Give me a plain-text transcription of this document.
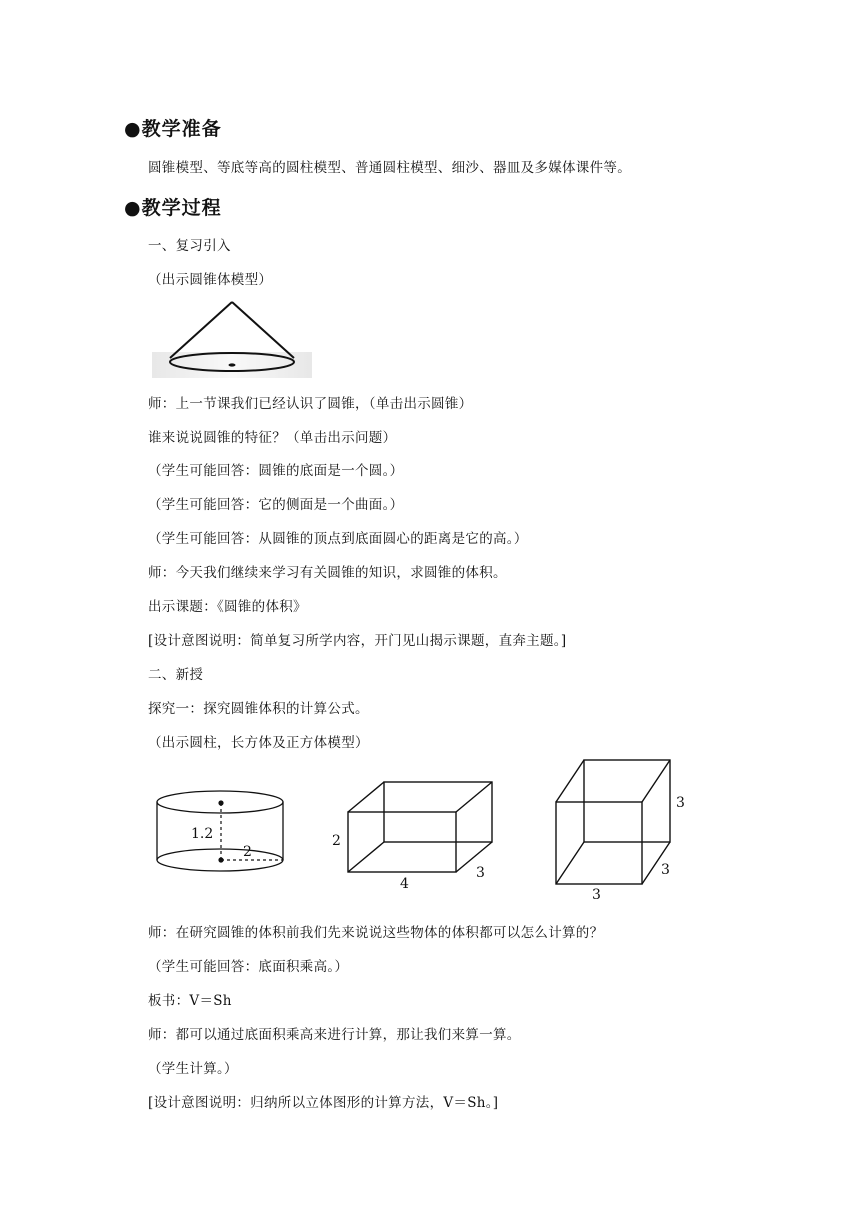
●教学准备
圆锥模型、等底等高的圆柱模型、普通圆柱模型、细沙、器皿及多媒体课件等。
●教学过程
一、复习引入
（出示圆锥体模型）
师：上一节课我们已经认识了圆锥，（单击出示圆锥）
谁来说说圆锥的特征？（单击出示问题）
（学生可能回答：圆锥的底面是一个圆。）
（学生可能回答：它的侧面是一个曲面。）
（学生可能回答：从圆锥的顶点到底面圆心的距离是它的高。）
师：今天我们继续来学习有关圆锥的知识，求圆锥的体积。
出示课题：《圆锥的体积》
[设计意图说明：简单复习所学内容，开门见山揭示课题，直奔主题。]
二、新授
探究一：探究圆锥体积的计算公式。
（出示圆柱，长方体及正方体模型）
1.2
2
2
4
3
3
3
3
师：在研究圆锥的体积前我们先来说说这些物体的体积都可以怎么计算的？
（学生可能回答：底面积乘高。）
板书：V＝Sh
师：都可以通过底面积乘高来进行计算，那让我们来算一算。
（学生计算。）
[设计意图说明：归纳所以立体图形的计算方法，V＝Sh。]
